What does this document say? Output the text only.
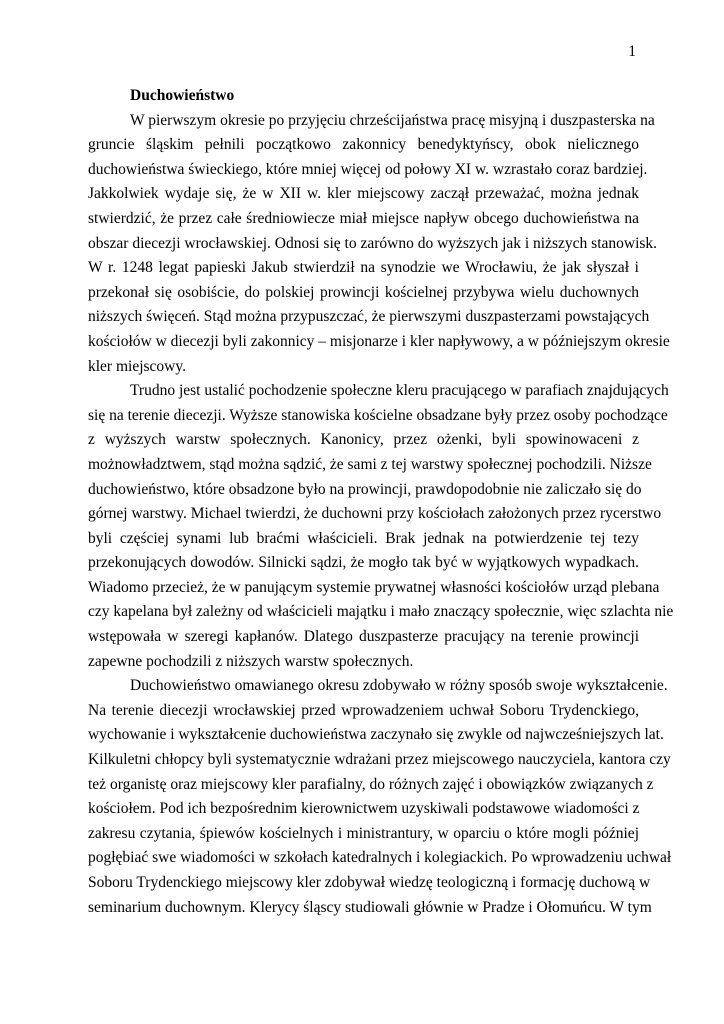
1
Duchowieństwo
W pierwszym okresie po przyjęciu chrześcijaństwa pracę misyjną i duszpasterska na
gruncie śląskim pełnili początkowo zakonnicy benedyktyńscy, obok nielicznego
duchowieństwa świeckiego, które mniej więcej od połowy XI w. wzrastało coraz bardziej.
Jakkolwiek wydaje się, że w XII w. kler miejscowy zaczął przeważać, można jednak
stwierdzić, że przez całe średniowiecze miał miejsce napływ obcego duchowieństwa na
obszar diecezji wrocławskiej. Odnosi się to zarówno do wyższych jak i niższych stanowisk.
W r. 1248 legat papieski Jakub stwierdził na synodzie we Wrocławiu, że jak słyszał i
przekonał się osobiście, do polskiej prowincji kościelnej przybywa wielu duchownych
niższych święceń. Stąd można przypuszczać, że pierwszymi duszpasterzami powstających
kościołów w diecezji byli zakonnicy – misjonarze i kler napływowy, a w późniejszym okresie
kler miejscowy.
Trudno jest ustalić pochodzenie społeczne kleru pracującego w parafiach znajdujących
się na terenie diecezji. Wyższe stanowiska kościelne obsadzane były przez osoby pochodzące
z wyższych warstw społecznych. Kanonicy, przez ożenki, byli spowinowaceni z
możnowładztwem, stąd można sądzić, że sami z tej warstwy społecznej pochodzili. Niższe
duchowieństwo, które obsadzone było na prowincji, prawdopodobnie nie zaliczało się do
górnej warstwy. Michael twierdzi, że duchowni przy kościołach założonych przez rycerstwo
byli częściej synami lub braćmi właścicieli. Brak jednak na potwierdzenie tej tezy
przekonujących dowodów. Silnicki sądzi, że mogło tak być w wyjątkowych wypadkach.
Wiadomo przecież, że w panującym systemie prywatnej własności kościołów urząd plebana
czy kapelana był zależny od właścicieli majątku i mało znaczący społecznie, więc szlachta nie
wstępowała w szeregi kapłanów. Dlatego duszpasterze pracujący na terenie prowincji
zapewne pochodzili z niższych warstw społecznych.
Duchowieństwo omawianego okresu zdobywało w różny sposób swoje wykształcenie.
Na terenie diecezji wrocławskiej przed wprowadzeniem uchwał Soboru Trydenckiego,
wychowanie i wykształcenie duchowieństwa zaczynało się zwykle od najwcześniejszych lat.
Kilkuletni chłopcy byli systematycznie wdrażani przez miejscowego nauczyciela, kantora czy
też organistę oraz miejscowy kler parafialny, do różnych zajęć i obowiązków związanych z
kościołem. Pod ich bezpośrednim kierownictwem uzyskiwali podstawowe wiadomości z
zakresu czytania, śpiewów kościelnych i ministrantury, w oparciu o które mogli później
pogłębiać swe wiadomości w szkołach katedralnych i kolegiackich. Po wprowadzeniu uchwał
Soboru Trydenckiego miejscowy kler zdobywał wiedzę teologiczną i formację duchową w
seminarium duchownym. Klerycy śląscy studiowali głównie w Pradze i Ołomuńcu. W tym
